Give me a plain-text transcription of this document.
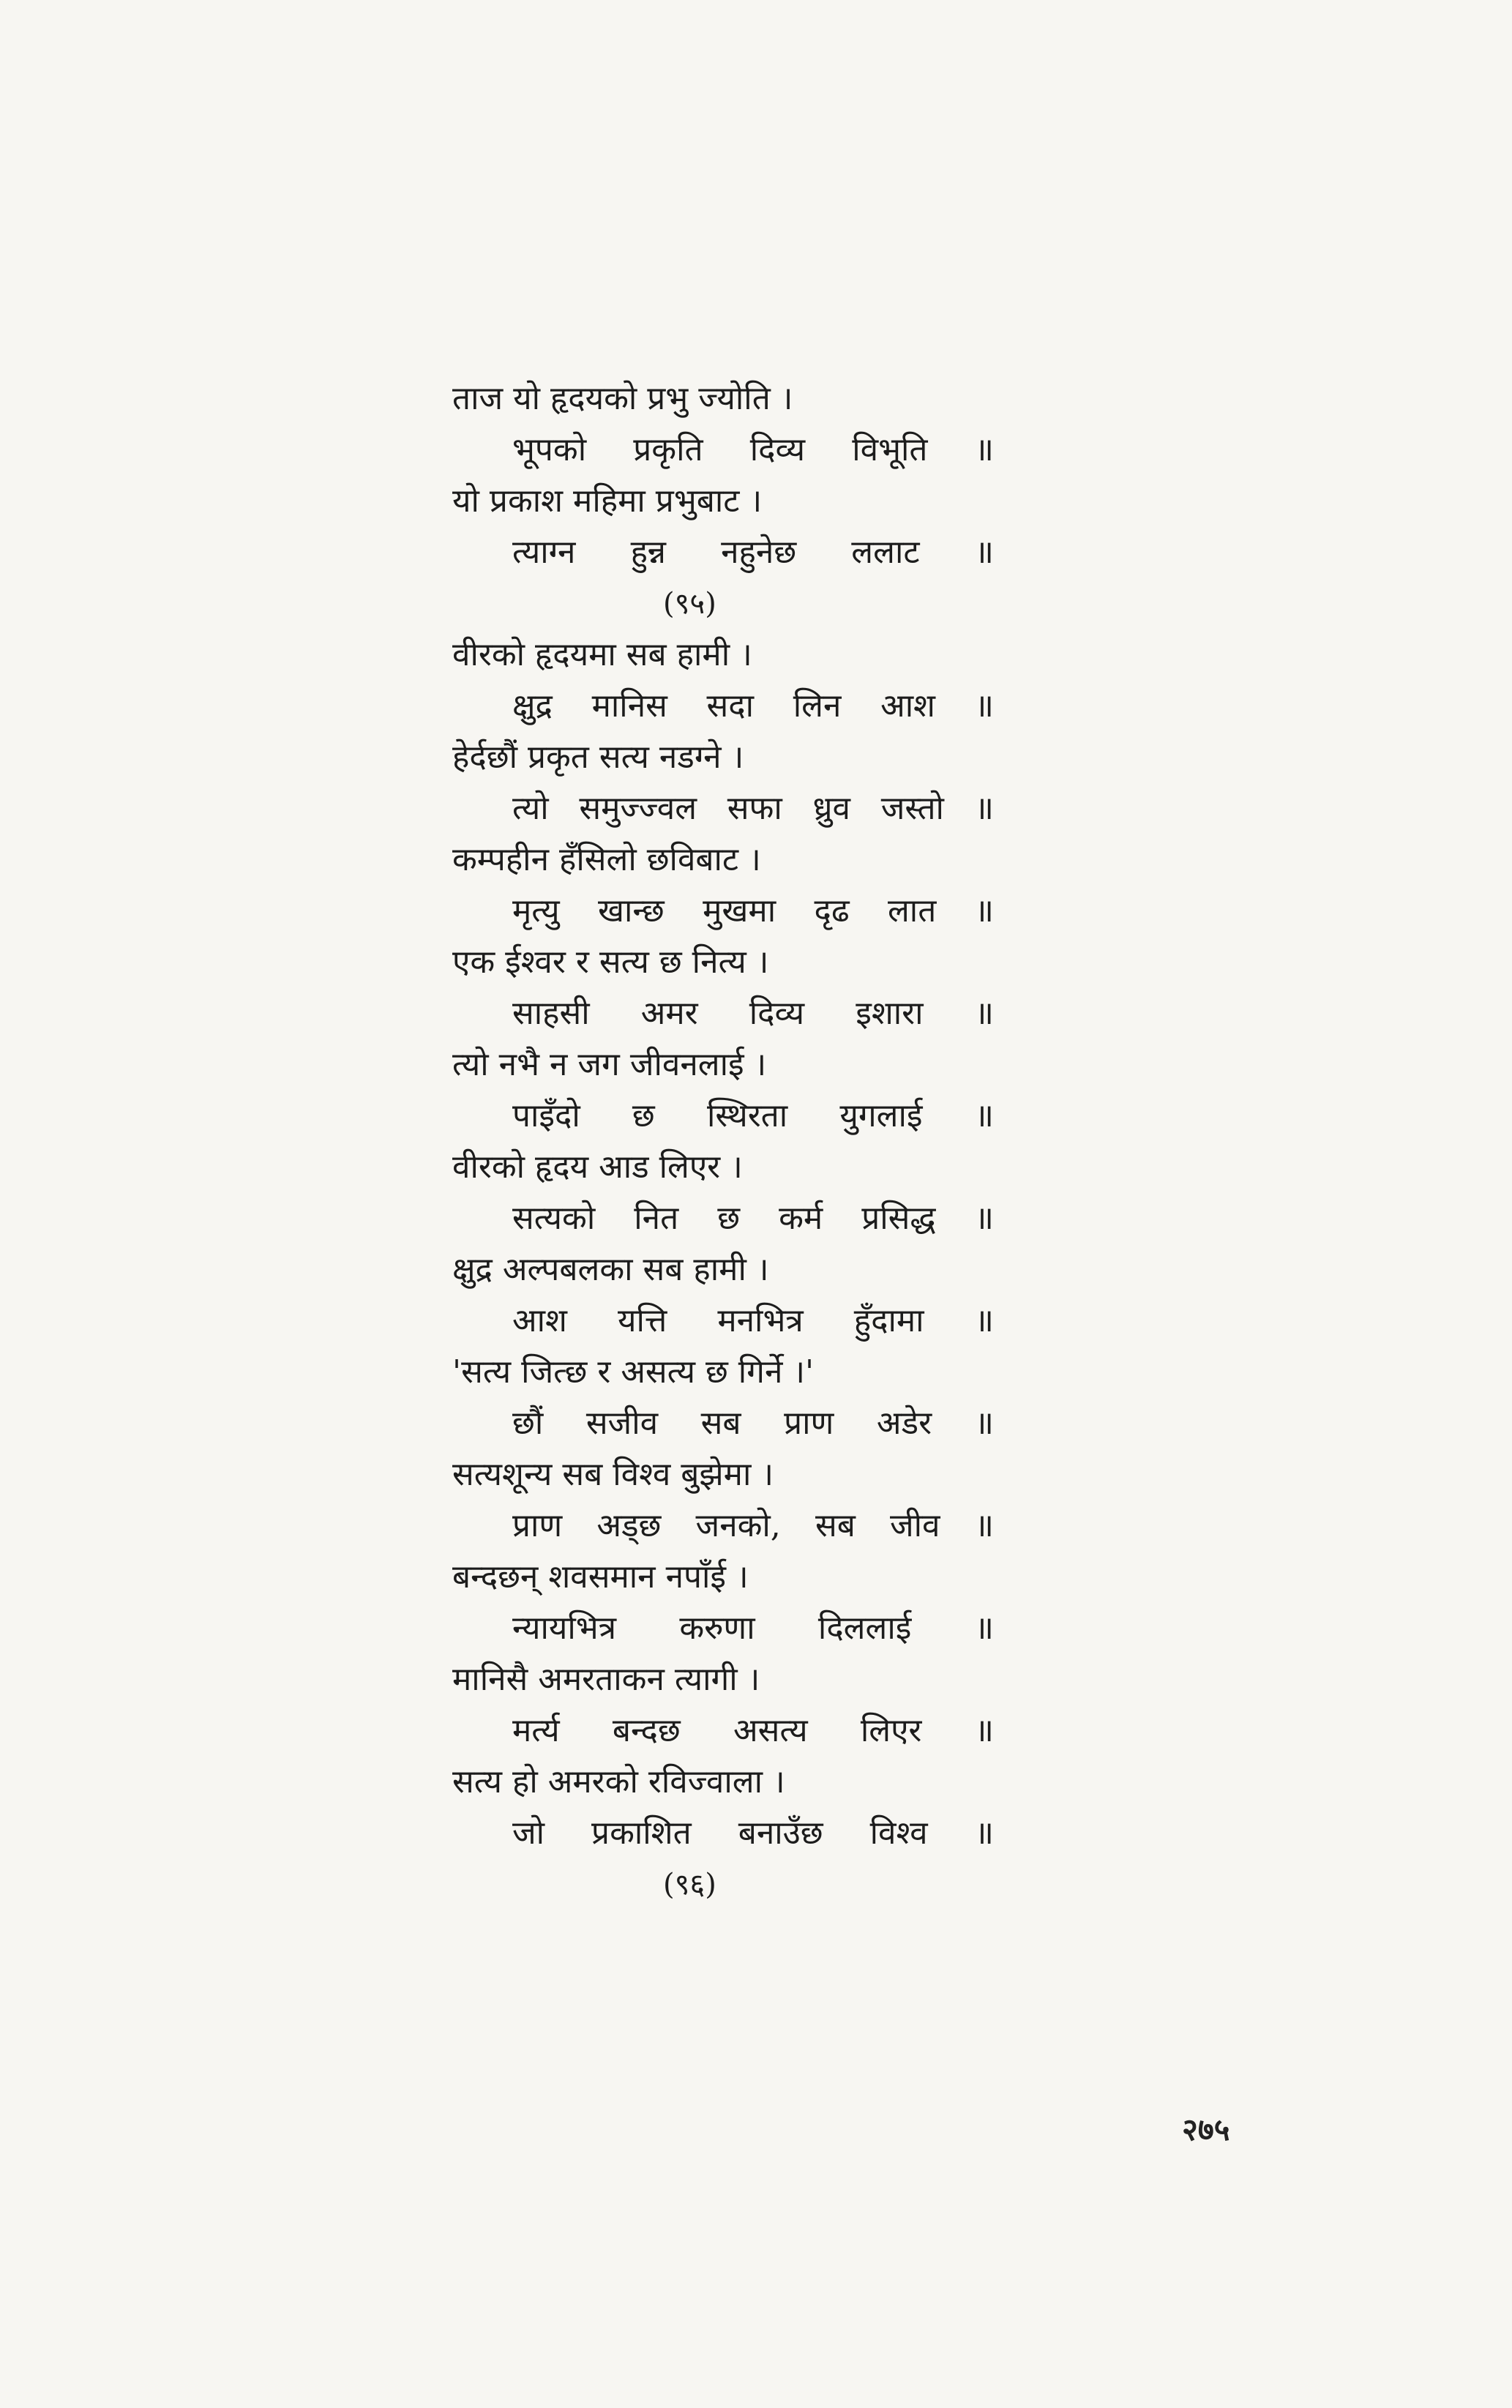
ताज यो हृदयको प्रभु ज्योति ।
भूपको प्रकृति दिव्य विभूति ॥
यो प्रकाश महिमा प्रभुबाट ।
त्याग्न हुन्न नहुनेछ ललाट ॥
(९५)
वीरको हृदयमा सब हामी ।
क्षुद्र मानिस सदा लिन आश ॥
हेर्दछौं प्रकृत सत्य नडग्ने ।
त्यो समुज्ज्वल सफा ध्रुव जस्तो ॥
कम्पहीन हँसिलो छविबाट ।
मृत्यु खान्छ मुखमा दृढ लात ॥
एक ईश्वर र सत्य छ नित्य ।
साहसी अमर दिव्य इशारा ॥
त्यो नभै न जग जीवनलाई ।
पाइँदो छ स्थिरता युगलाई ॥
वीरको हृदय आड लिएर ।
सत्यको नित छ कर्म प्रसिद्ध ॥
क्षुद्र अल्पबलका सब हामी ।
आश यत्ति मनभित्र हुँदामा ॥
'सत्य जित्छ र असत्य छ गिर्ने ।'
छौं सजीव सब प्राण अडेर ॥
सत्यशून्य सब विश्व बुझेमा ।
प्राण अड्छ जनको, सब जीव ॥
बन्दछन् शवसमान नपाँई ।
न्यायभित्र करुणा दिललाई ॥
मानिसै अमरताकन त्यागी ।
मर्त्य बन्दछ असत्य लिएर ॥
सत्य हो अमरको रविज्वाला ।
जो प्रकाशित बनाउँछ विश्व ॥
(९६)
२७५
